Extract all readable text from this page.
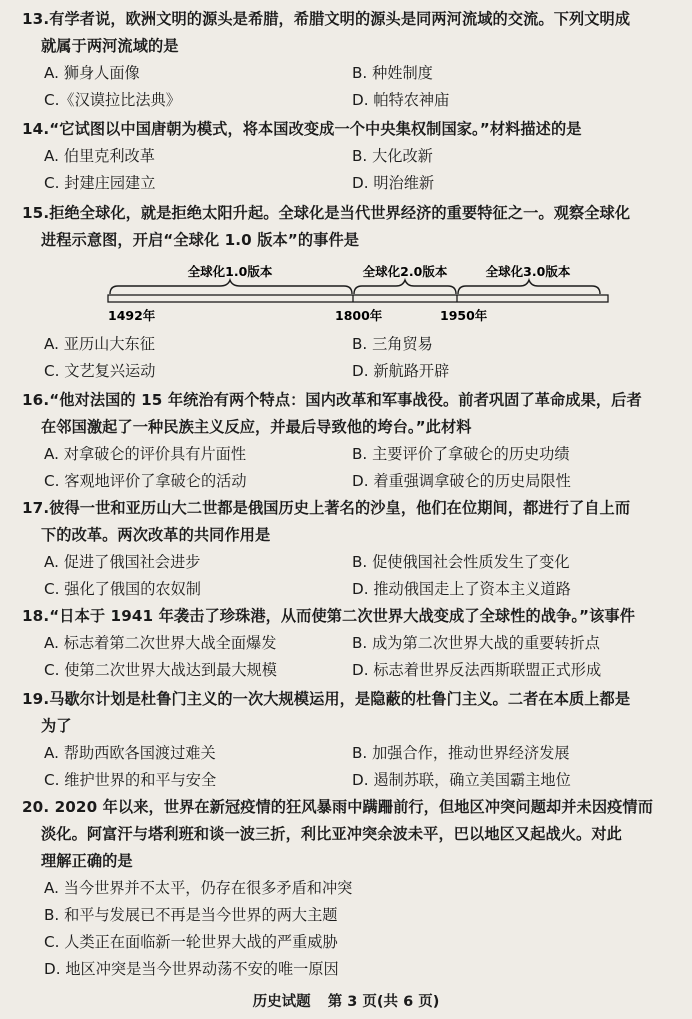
13.有学者说，欧洲文明的源头是希腊，希腊文明的源头是同两河流域的交流。下列文明成
就属于两河流域的是
A. 狮身人面像	B. 种姓制度
C.《汉谟拉比法典》	D. 帕特农神庙
14.“它试图以中国唐朝为模式，将本国改变成一个中央集权制国家。”材料描述的是
A. 伯里克利改革	B. 大化改新
C. 封建庄园建立	D. 明治维新
15.拒绝全球化，就是拒绝太阳升起。全球化是当代世界经济的重要特征之一。观察全球化
进程示意图，开启“全球化 1.0 版本”的事件是
全球化1.0版本	全球化2.0版本	全球化3.0版本
1492年	1800年	1950年
A. 亚历山大东征	B. 三角贸易
C. 文艺复兴运动	D. 新航路开辟
16.“他对法国的 15 年统治有两个特点：国内改革和军事战役。前者巩固了革命成果，后者
在邻国激起了一种民族主义反应，并最后导致他的垮台。”此材料
A. 对拿破仑的评价具有片面性	B. 主要评价了拿破仑的历史功绩
C. 客观地评价了拿破仑的活动	D. 着重强调拿破仑的历史局限性
17.彼得一世和亚历山大二世都是俄国历史上著名的沙皇，他们在位期间，都进行了自上而
下的改革。两次改革的共同作用是
A. 促进了俄国社会进步	B. 促使俄国社会性质发生了变化
C. 强化了俄国的农奴制	D. 推动俄国走上了资本主义道路
18.“日本于 1941 年袭击了珍珠港，从而使第二次世界大战变成了全球性的战争。”该事件
A. 标志着第二次世界大战全面爆发	B. 成为第二次世界大战的重要转折点
C. 使第二次世界大战达到最大规模	D. 标志着世界反法西斯联盟正式形成
19.马歇尔计划是杜鲁门主义的一次大规模运用，是隐蔽的杜鲁门主义。二者在本质上都是
为了
A. 帮助西欧各国渡过难关	B. 加强合作，推动世界经济发展
C. 维护世界的和平与安全	D. 遏制苏联，确立美国霸主地位
20. 2020 年以来，世界在新冠疫情的狂风暴雨中蹒跚前行，但地区冲突问题却并未因疫情而
淡化。阿富汗与塔利班和谈一波三折，利比亚冲突余波未平，巴以地区又起战火。对此
理解正确的是
A. 当今世界并不太平，仍存在很多矛盾和冲突
B. 和平与发展已不再是当今世界的两大主题
C. 人类正在面临新一轮世界大战的严重威胁
D. 地区冲突是当今世界动荡不安的唯一原因
历史试题 第 3 页(共 6 页)
